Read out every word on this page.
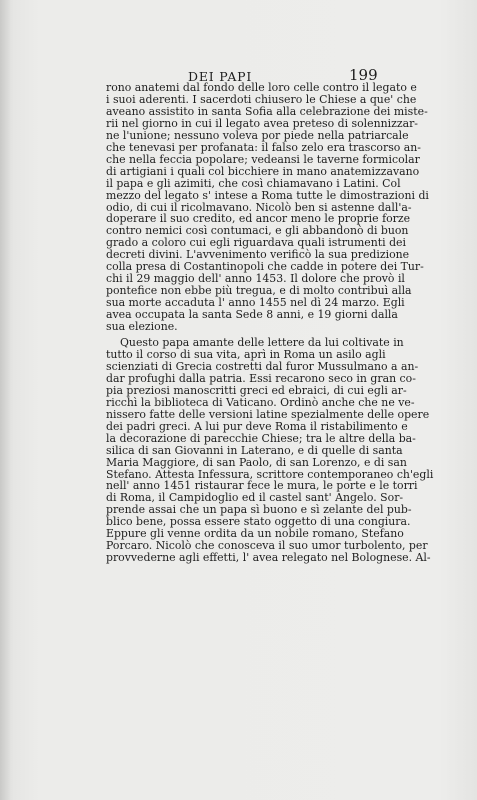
DEI PAPI	199

rono anatemi dal fondo delle loro celle contro il legato e
i suoi aderenti. I sacerdoti chiusero le Chiese a que' che
aveano assistito in santa Sofia alla celebrazione dei miste-
rii nel giorno in cui il legato avea preteso di solennizzar-
ne l'unione; nessuno voleva por piede nella patriarcale
che tenevasi per profanata: il falso zelo era trascorso an-
che nella feccia popolare; vedeansi le taverne formicolar
di artigiani i quali col bicchiere in mano anatemizzavano
il papa e gli azimiti, che così chiamavano i Latini. Col
mezzo del legato s' intese a Roma tutte le dimostrazioni di
odio, di cui il ricolmavano. Nicolò ben si astenne dall'a-
doperare il suo credito, ed ancor meno le proprie forze
contro nemici così contumaci, e gli abbandonò di buon
grado a coloro cui egli riguardava quali istrumenti dei
decreti divini. L'avvenimento verificò la sua predizione
colla presa di Costantinopoli che cadde in potere dei Tur-
chi il 29 maggio dell' anno 1453. Il dolore che provò il
pontefice non ebbe più tregua, e di molto contribuì alla
sua morte accaduta l' anno 1455 nel dì 24 marzo. Egli
avea occupata la santa Sede 8 anni, e 19 giorni dalla
sua elezione.

Questo papa amante delle lettere da lui coltivate in
tutto il corso di sua vita, aprì in Roma un asilo agli
scienziati di Grecia costretti dal furor Mussulmano a an-
dar profughi dalla patria. Essi recarono seco in gran co-
pia preziosi manoscritti greci ed ebraici, di cui egli ar-
ricchì la biblioteca di Vaticano. Ordinò anche che ne ve-
nissero fatte delle versioni latine spezialmente delle opere
dei padri greci. A lui pur deve Roma il ristabilimento e
la decorazione di parecchie Chiese; tra le altre della ba-
silica di san Giovanni in Laterano, e di quelle di santa
Maria Maggiore, di san Paolo, di san Lorenzo, e di san
Stefano. Attesta Infessura, scrittore contemporaneo ch'egli
nell' anno 1451 ristaurar fece le mura, le porte e le torri
di Roma, il Campidoglio ed il castel sant' Angelo. Sor-
prende assai che un papa sì buono e sì zelante del pub-
blico bene, possa essere stato oggetto di una congiura.
Eppure gli venne ordita da un nobile romano, Stefano
Porcaro. Nicolò che conosceva il suo umor turbolento, per
provvederne agli effetti, l' avea relegato nel Bolognese. Al-
